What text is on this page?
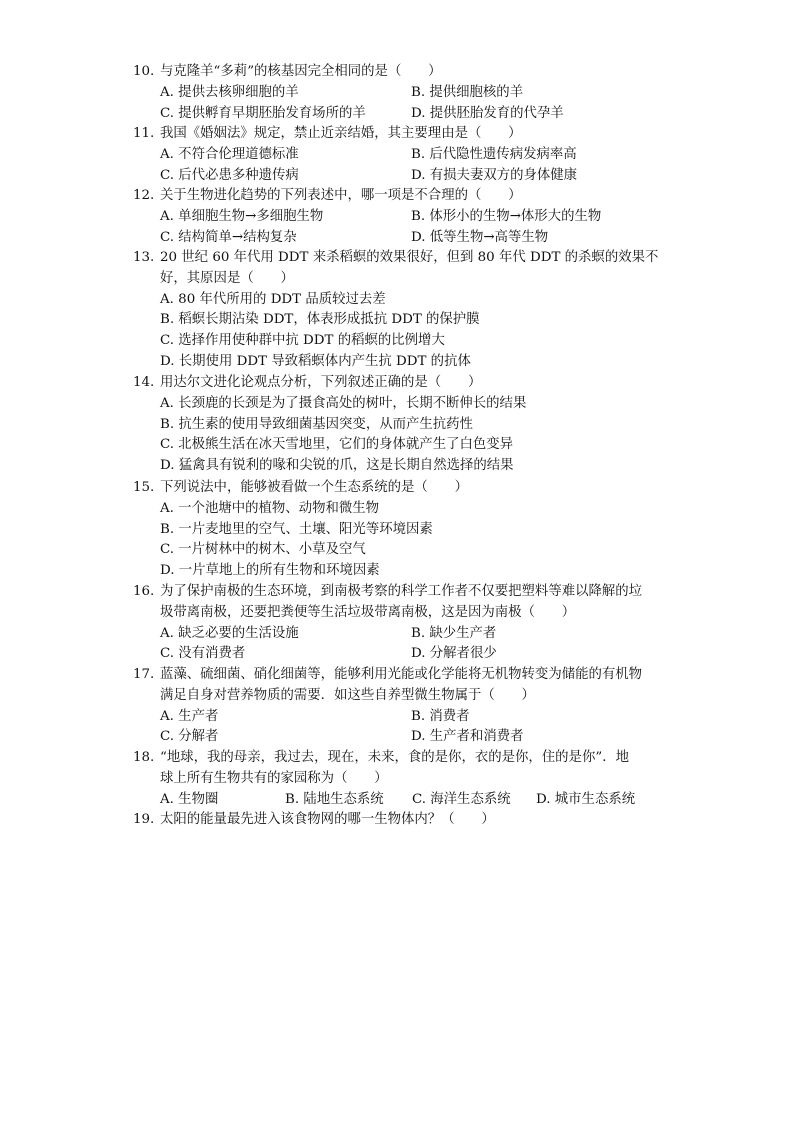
10. 与克隆羊“多莉”的核基因完全相同的是（　　）
A. 提供去核卵细胞的羊	B. 提供细胞核的羊
C. 提供孵育早期胚胎发育场所的羊	D. 提供胚胎发育的代孕羊
11. 我国《婚姻法》规定，禁止近亲结婚，其主要理由是（　　）
A. 不符合伦理道德标准	B. 后代隐性遗传病发病率高
C. 后代必患多种遗传病	D. 有损夫妻双方的身体健康
12. 关于生物进化趋势的下列表述中，哪一项是不合理的（　　）
A. 单细胞生物→多细胞生物	B. 体形小的生物→体形大的生物
C. 结构简单→结构复杂	D. 低等生物→高等生物
13. 20 世纪 60 年代用 DDT 来杀稻螟的效果很好，但到 80 年代 DDT 的杀螟的效果不
好，其原因是（　　）
A. 80 年代所用的 DDT 品质较过去差
B. 稻螟长期沾染 DDT，体表形成抵抗 DDT 的保护膜
C. 选择作用使种群中抗 DDT 的稻螟的比例增大
D. 长期使用 DDT 导致稻螟体内产生抗 DDT 的抗体
14. 用达尔文进化论观点分析，下列叙述正确的是（　　）
A. 长颈鹿的长颈是为了摄食高处的树叶，长期不断伸长的结果
B. 抗生素的使用导致细菌基因突变，从而产生抗药性
C. 北极熊生活在冰天雪地里，它们的身体就产生了白色变异
D. 猛禽具有锐利的喙和尖锐的爪，这是长期自然选择的结果
15. 下列说法中，能够被看做一个生态系统的是（　　）
A. 一个池塘中的植物、动物和微生物
B. 一片麦地里的空气、土壤、阳光等环境因素
C. 一片树林中的树木、小草及空气
D. 一片草地上的所有生物和环境因素
16. 为了保护南极的生态环境，到南极考察的科学工作者不仅要把塑料等难以降解的垃
圾带离南极，还要把粪便等生活垃圾带离南极，这是因为南极（　　）
A. 缺乏必要的生活设施	B. 缺少生产者
C. 没有消费者	D. 分解者很少
17. 蓝藻、硫细菌、硝化细菌等，能够利用光能或化学能将无机物转变为储能的有机物
满足自身对营养物质的需要．如这些自养型微生物属于（　　）
A. 生产者	B. 消费者
C. 分解者	D. 生产者和消费者
18. “地球，我的母亲，我过去，现在，未来，食的是你，衣的是你，住的是你”．地
球上所有生物共有的家园称为（　　）
A. 生物圈	B. 陆地生态系统	C. 海洋生态系统	D. 城市生态系统
19. 太阳的能量最先进入该食物网的哪一生物体内？（　　）
